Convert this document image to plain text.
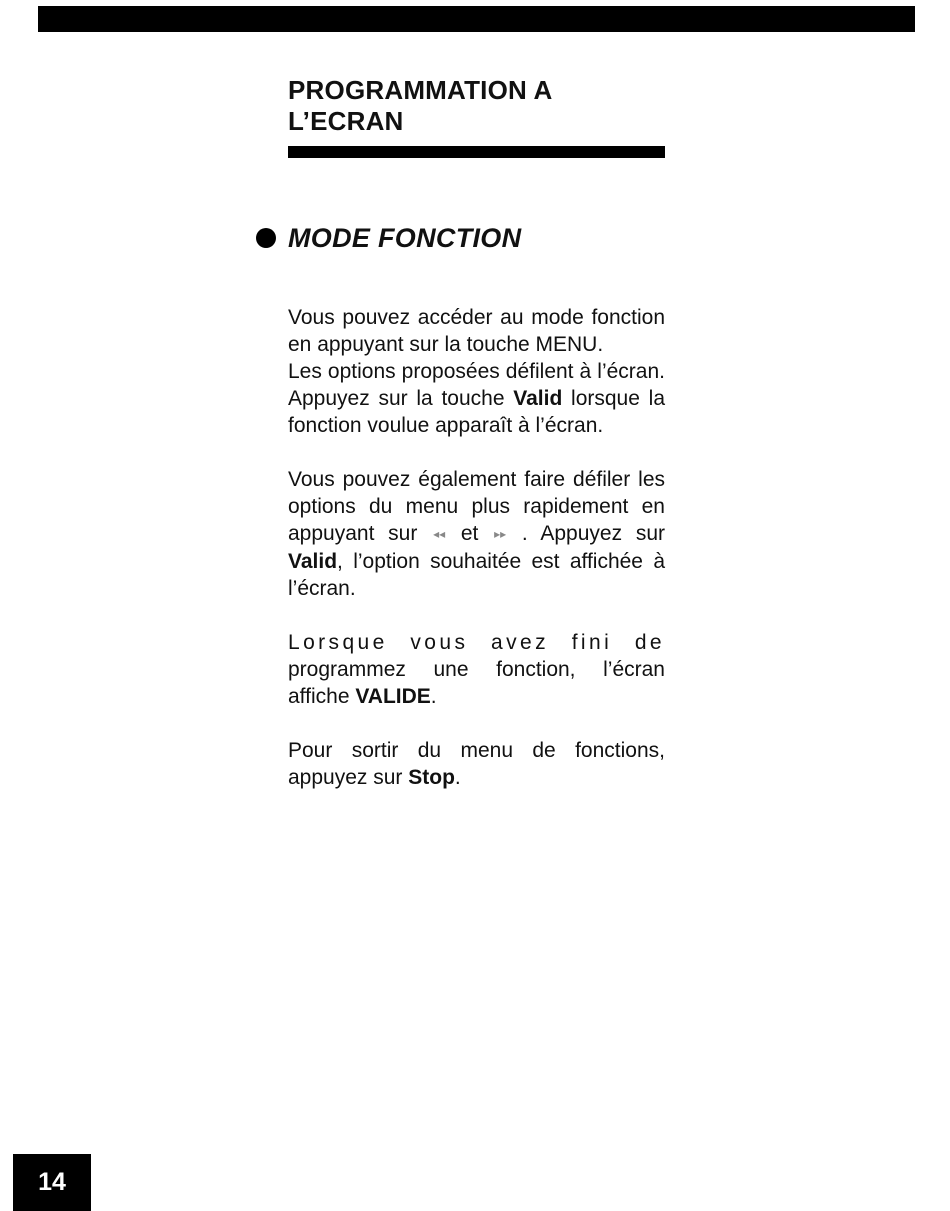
PROGRAMMATION A
L’ECRAN
MODE FONCTION

Vous pouvez accéder au mode fonction en appuyant sur la touche MENU.

Les options proposées défilent à l’écran. Appuyez sur la touche Valid lorsque la fonction voulue apparaît à l’écran.

Vous pouvez également faire défiler les options du menu plus rapidement en appuyant sur ◂◂ et ▸▸ . Appuyez sur Valid, l’option souhaitée est affichée à l’écran.

Lorsque vous avez fini de programmez une fonction, l’écran affiche VALIDE.

Pour sortir du menu de fonctions, appuyez sur Stop.

14
